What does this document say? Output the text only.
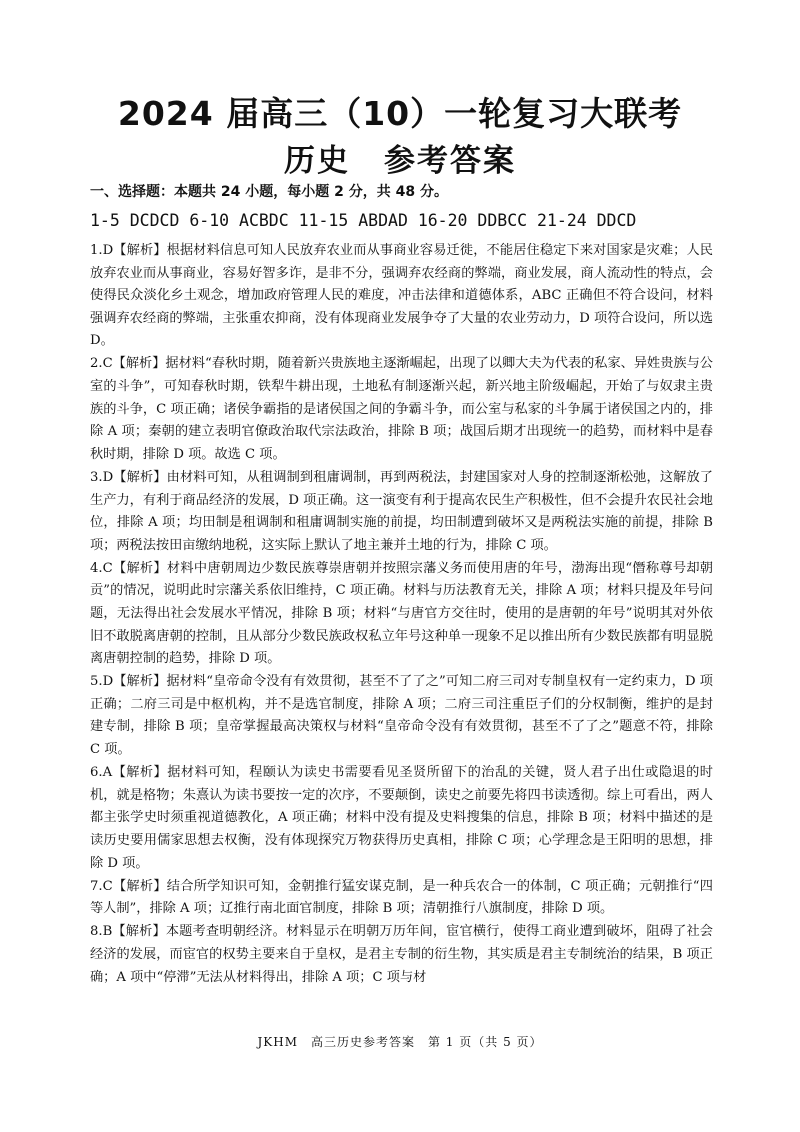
2024 届高三（10）一轮复习大联考
历史 参考答案
一、选择题：本题共 24 小题，每小题 2 分，共 48 分。
1-5 DCDCD 6-10 ACBDC 11-15 ABDAD 16-20 DDBCC 21-24 DDCD

1.D【解析】根据材料信息可知人民放弃农业而从事商业容易迁徙，不能居住稳定下来对国家是灾难；人民放弃农业而从事商业，容易好智多诈，是非不分，强调弃农经商的弊端，商业发展，商人流动性的特点，会使得民众淡化乡土观念，增加政府管理人民的难度，冲击法律和道德体系，ABC 正确但不符合设问，材料强调弃农经商的弊端，主张重农抑商，没有体现商业发展争夺了大量的农业劳动力，D 项符合设问，所以选 D。

2.C【解析】据材料“春秋时期，随着新兴贵族地主逐渐崛起，出现了以卿大夫为代表的私家、异姓贵族与公室的斗争”，可知春秋时期，铁犁牛耕出现，土地私有制逐渐兴起，新兴地主阶级崛起，开始了与奴隶主贵族的斗争，C 项正确；诸侯争霸指的是诸侯国之间的争霸斗争，而公室与私家的斗争属于诸侯国之内的，排除 A 项；秦朝的建立表明官僚政治取代宗法政治，排除 B 项；战国后期才出现统一的趋势，而材料中是春秋时期，排除 D 项。故选 C 项。

3.D【解析】由材料可知，从租调制到租庸调制，再到两税法，封建国家对人身的控制逐渐松弛，这解放了生产力，有利于商品经济的发展，D 项正确。这一演变有利于提高农民生产积极性，但不会提升农民社会地位，排除 A 项；均田制是租调制和租庸调制实施的前提，均田制遭到破坏又是两税法实施的前提，排除 B 项；两税法按田亩缴纳地税，这实际上默认了地主兼并土地的行为，排除 C 项。

4.C【解析】材料中唐朝周边少数民族尊崇唐朝并按照宗藩义务而使用唐的年号，渤海出现“僭称尊号却朝贡”的情况，说明此时宗藩关系依旧维持，C 项正确。材料与历法教育无关，排除 A 项；材料只提及年号问题，无法得出社会发展水平情况，排除 B 项；材料“与唐官方交往时，使用的是唐朝的年号”说明其对外依旧不敢脱离唐朝的控制，且从部分少数民族政权私立年号这种单一现象不足以推出所有少数民族都有明显脱离唐朝控制的趋势，排除 D 项。

5.D【解析】据材料“皇帝命令没有有效贯彻，甚至不了了之”可知二府三司对专制皇权有一定约束力，D 项正确；二府三司是中枢机构，并不是选官制度，排除 A 项；二府三司注重臣子们的分权制衡，维护的是封建专制，排除 B 项；皇帝掌握最高决策权与材料“皇帝命令没有有效贯彻，甚至不了了之”题意不符，排除 C 项。

6.A【解析】据材料可知，程颐认为读史书需要看见圣贤所留下的治乱的关键，贤人君子出仕或隐退的时机，就是格物；朱熹认为读书要按一定的次序，不要颠倒，读史之前要先将四书读透彻。综上可看出，两人都主张学史时须重视道德教化，A 项正确；材料中没有提及史料搜集的信息，排除 B 项；材料中描述的是读历史要用儒家思想去权衡，没有体现探究万物获得历史真相，排除 C 项；心学理念是王阳明的思想，排除 D 项。

7.C【解析】结合所学知识可知，金朝推行猛安谋克制，是一种兵农合一的体制，C 项正确；元朝推行“四等人制”，排除 A 项；辽推行南北面官制度，排除 B 项；清朝推行八旗制度，排除 D 项。

8.B【解析】本题考查明朝经济。材料显示在明朝万历年间，宦官横行，使得工商业遭到破坏，阻碍了社会经济的发展，而宦官的权势主要来自于皇权，是君主专制的衍生物，其实质是君主专制统治的结果，B 项正确；A 项中“停滞”无法从材料得出，排除 A 项；C 项与材

JKHM　高三历史参考答案　第 1 页（共 5 页）
